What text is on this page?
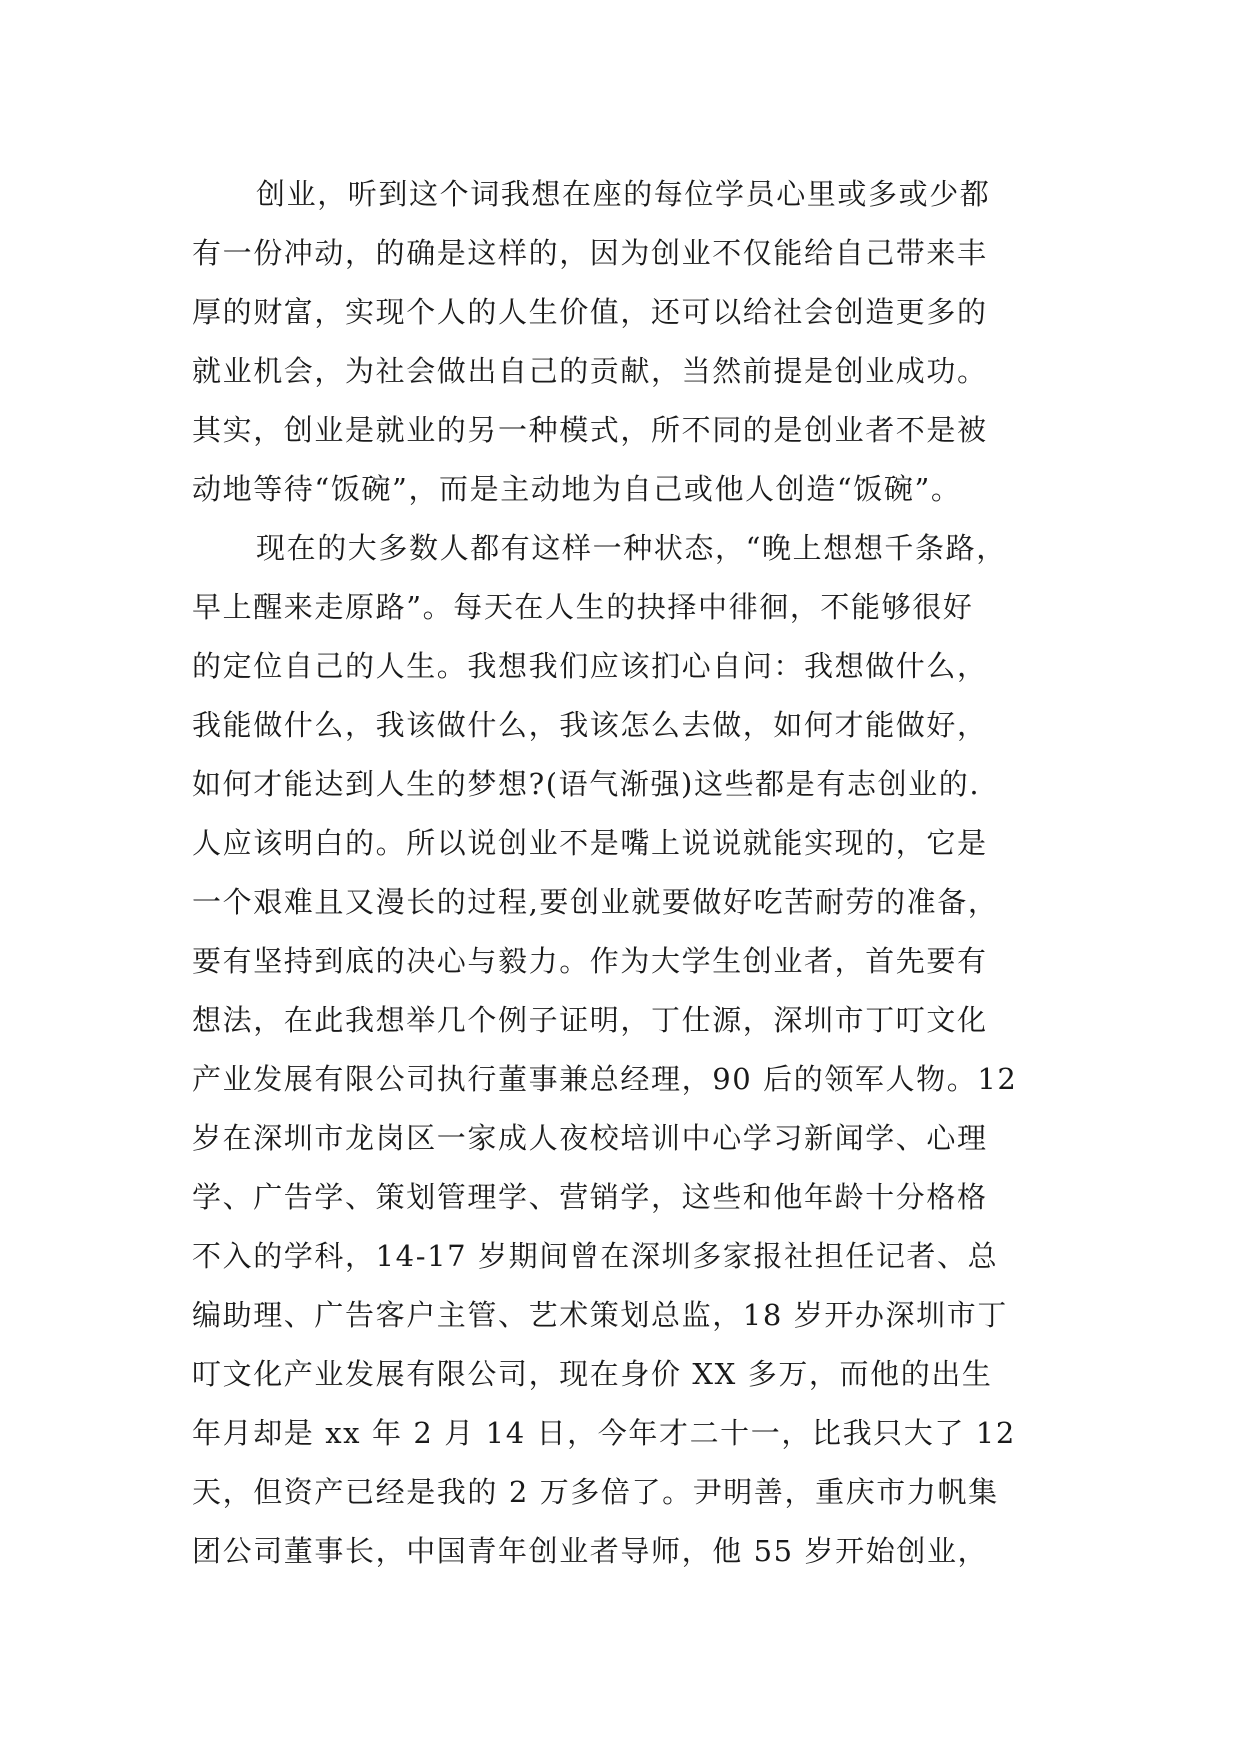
创业，听到这个词我想在座的每位学员心里或多或少都
有一份冲动，的确是这样的，因为创业不仅能给自己带来丰
厚的财富，实现个人的人生价值，还可以给社会创造更多的
就业机会，为社会做出自己的贡献，当然前提是创业成功。
其实，创业是就业的另一种模式，所不同的是创业者不是被
动地等待“饭碗”，而是主动地为自己或他人创造“饭碗”。
现在的大多数人都有这样一种状态，“晚上想想千条路，
早上醒来走原路”。每天在人生的抉择中徘徊，不能够很好
的定位自己的人生。我想我们应该扪心自问：我想做什么，
我能做什么，我该做什么，我该怎么去做，如何才能做好，
如何才能达到人生的梦想?(语气渐强)这些都是有志创业的.
人应该明白的。所以说创业不是嘴上说说就能实现的，它是
一个艰难且又漫长的过程,要创业就要做好吃苦耐劳的准备，
要有坚持到底的决心与毅力。作为大学生创业者，首先要有
想法，在此我想举几个例子证明，丁仕源，深圳市丁叮文化
产业发展有限公司执行董事兼总经理，90 后的领军人物。12
岁在深圳市龙岗区一家成人夜校培训中心学习新闻学、心理
学、广告学、策划管理学、营销学，这些和他年龄十分格格
不入的学科，14-17 岁期间曾在深圳多家报社担任记者、总
编助理、广告客户主管、艺术策划总监，18 岁开办深圳市丁
叮文化产业发展有限公司，现在身价 XX 多万，而他的出生
年月却是 xx 年 2 月 14 日，今年才二十一，比我只大了 12
天，但资产已经是我的 2 万多倍了。尹明善，重庆市力帆集
团公司董事长，中国青年创业者导师，他 55 岁开始创业，
